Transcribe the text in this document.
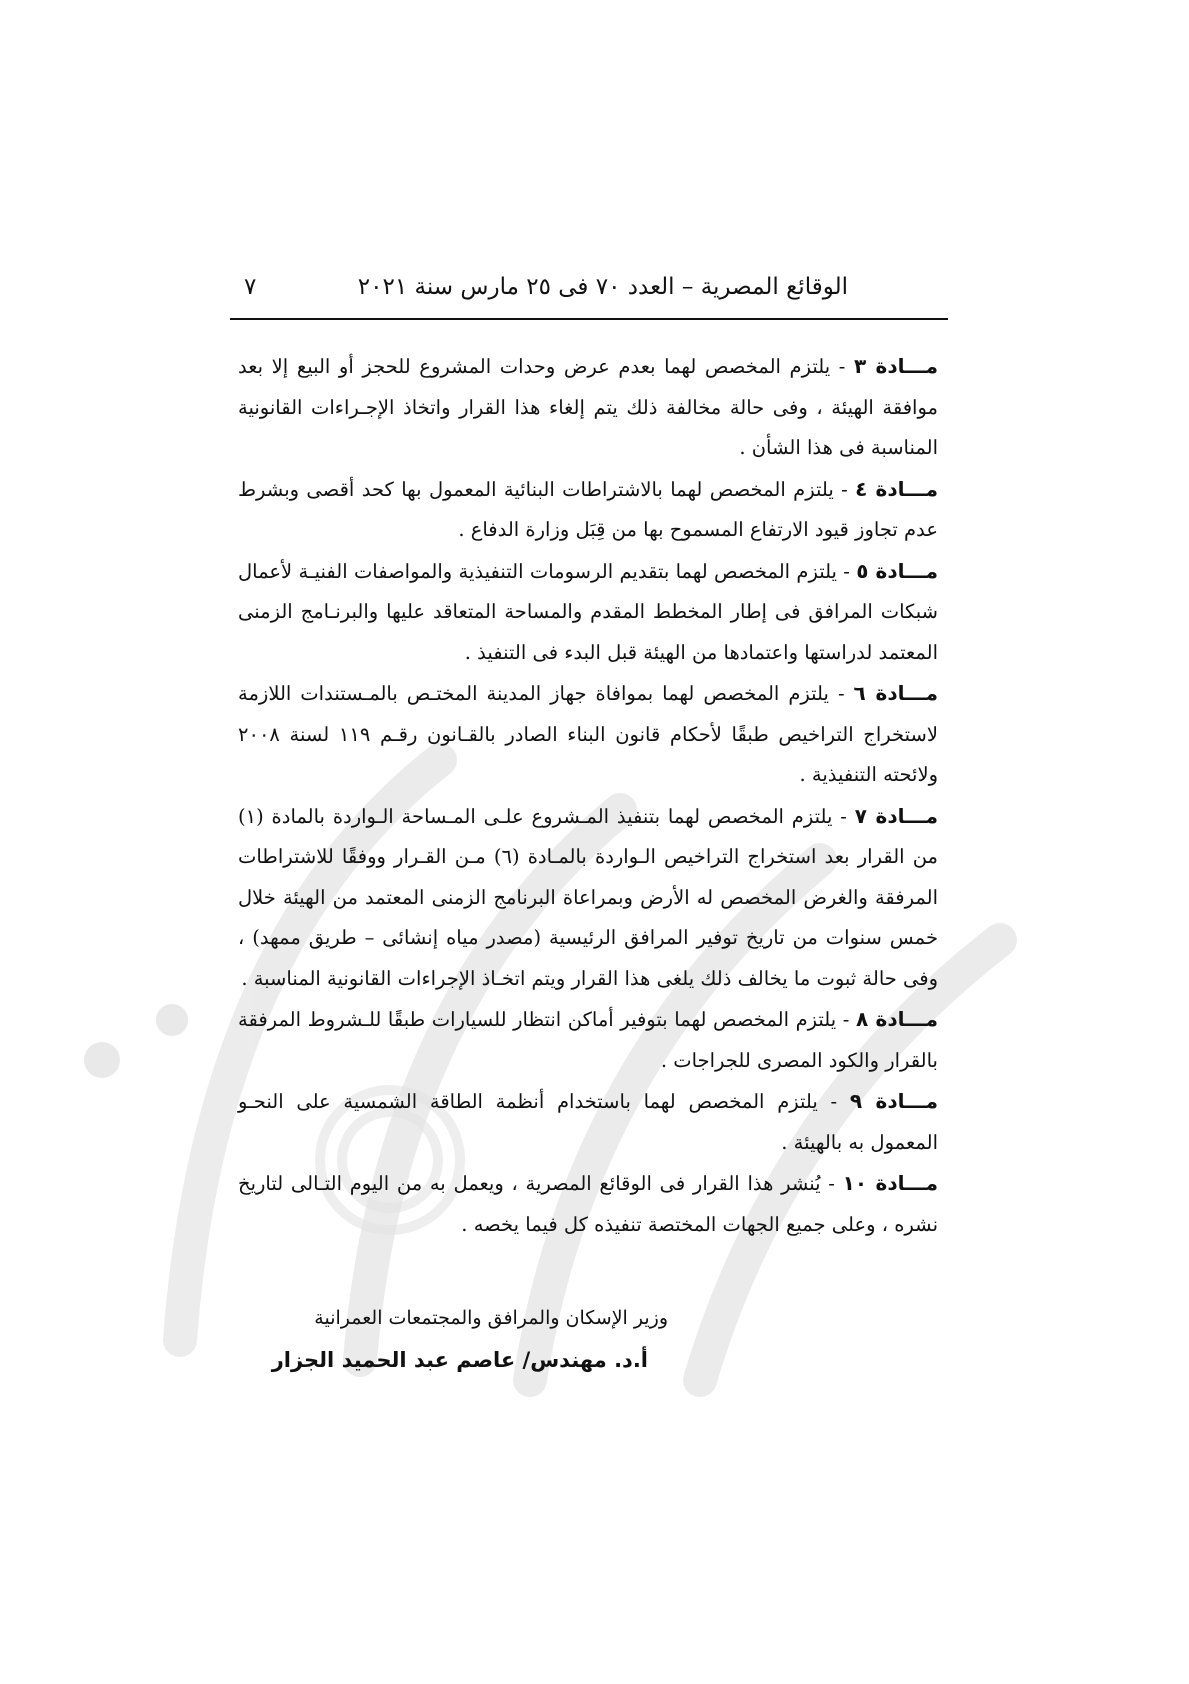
الوقائع المصرية – العدد ٧٠ فى ٢٥ مارس سنة ٢٠٢١
٧

مـــادة ٣ - يلتزم المخصص لهما بعدم عرض وحدات المشروع للحجز أو البيع إلا بعد موافقة الهيئة ، وفى حالة مخالفة ذلك يتم إلغاء هذا القرار واتخاذ الإجـراءات القانونية المناسبة فى هذا الشأن .

مـــادة ٤ - يلتزم المخصص لهما بالاشتراطات البنائية المعمول بها كحد أقصى وبشرط عدم تجاوز قيود الارتفاع المسموح بها من قِبَل وزارة الدفاع .

مـــادة ٥ - يلتزم المخصص لهما بتقديم الرسومات التنفيذية والمواصفات الفنيـة لأعمال شبكات المرافق فى إطار المخطط المقدم والمساحة المتعاقد عليها والبرنـامج الزمنى المعتمد لدراستها واعتمادها من الهيئة قبل البدء فى التنفيذ .

مـــادة ٦ - يلتزم المخصص لهما بموافاة جهاز المدينة المختـص بالمـستندات اللازمة لاستخراج التراخيص طبقًا لأحكام قانون البناء الصادر بالقـانون رقـم ١١٩ لسنة ٢٠٠٨ ولائحته التنفيذية .

مـــادة ٧ - يلتزم المخصص لهما بتنفيذ المـشروع علـى المـساحة الـواردة بالمادة (١) من القرار بعد استخراج التراخيص الـواردة بالمـادة (٦) مـن القـرار ووفقًا للاشتراطات المرفقة والغرض المخصص له الأرض وبمراعاة البرنامج الزمنى المعتمد من الهيئة خلال خمس سنوات من تاريخ توفير المرافق الرئيسية (مصدر مياه إنشائى – طريق ممهد) ، وفى حالة ثبوت ما يخالف ذلك يلغى هذا القرار ويتم اتخـاذ الإجراءات القانونية المناسبة .

مـــادة ٨ - يلتزم المخصص لهما بتوفير أماكن انتظار للسيارات طبقًا للـشروط المرفقة بالقرار والكود المصرى للجراجات .

مـــادة ٩ - يلتزم المخصص لهما باستخدام أنظمة الطاقة الشمسية على النحـو المعمول به بالهيئة .

مـــادة ١٠ - يُنشر هذا القرار فى الوقائع المصرية ، ويعمل به من اليوم التـالى لتاريخ نشره ، وعلى جميع الجهات المختصة تنفيذه كل فيما يخصه .

وزير الإسكان والمرافق والمجتمعات العمرانية
أ.د. مهندس/ عاصم عبد الحميد الجزار
